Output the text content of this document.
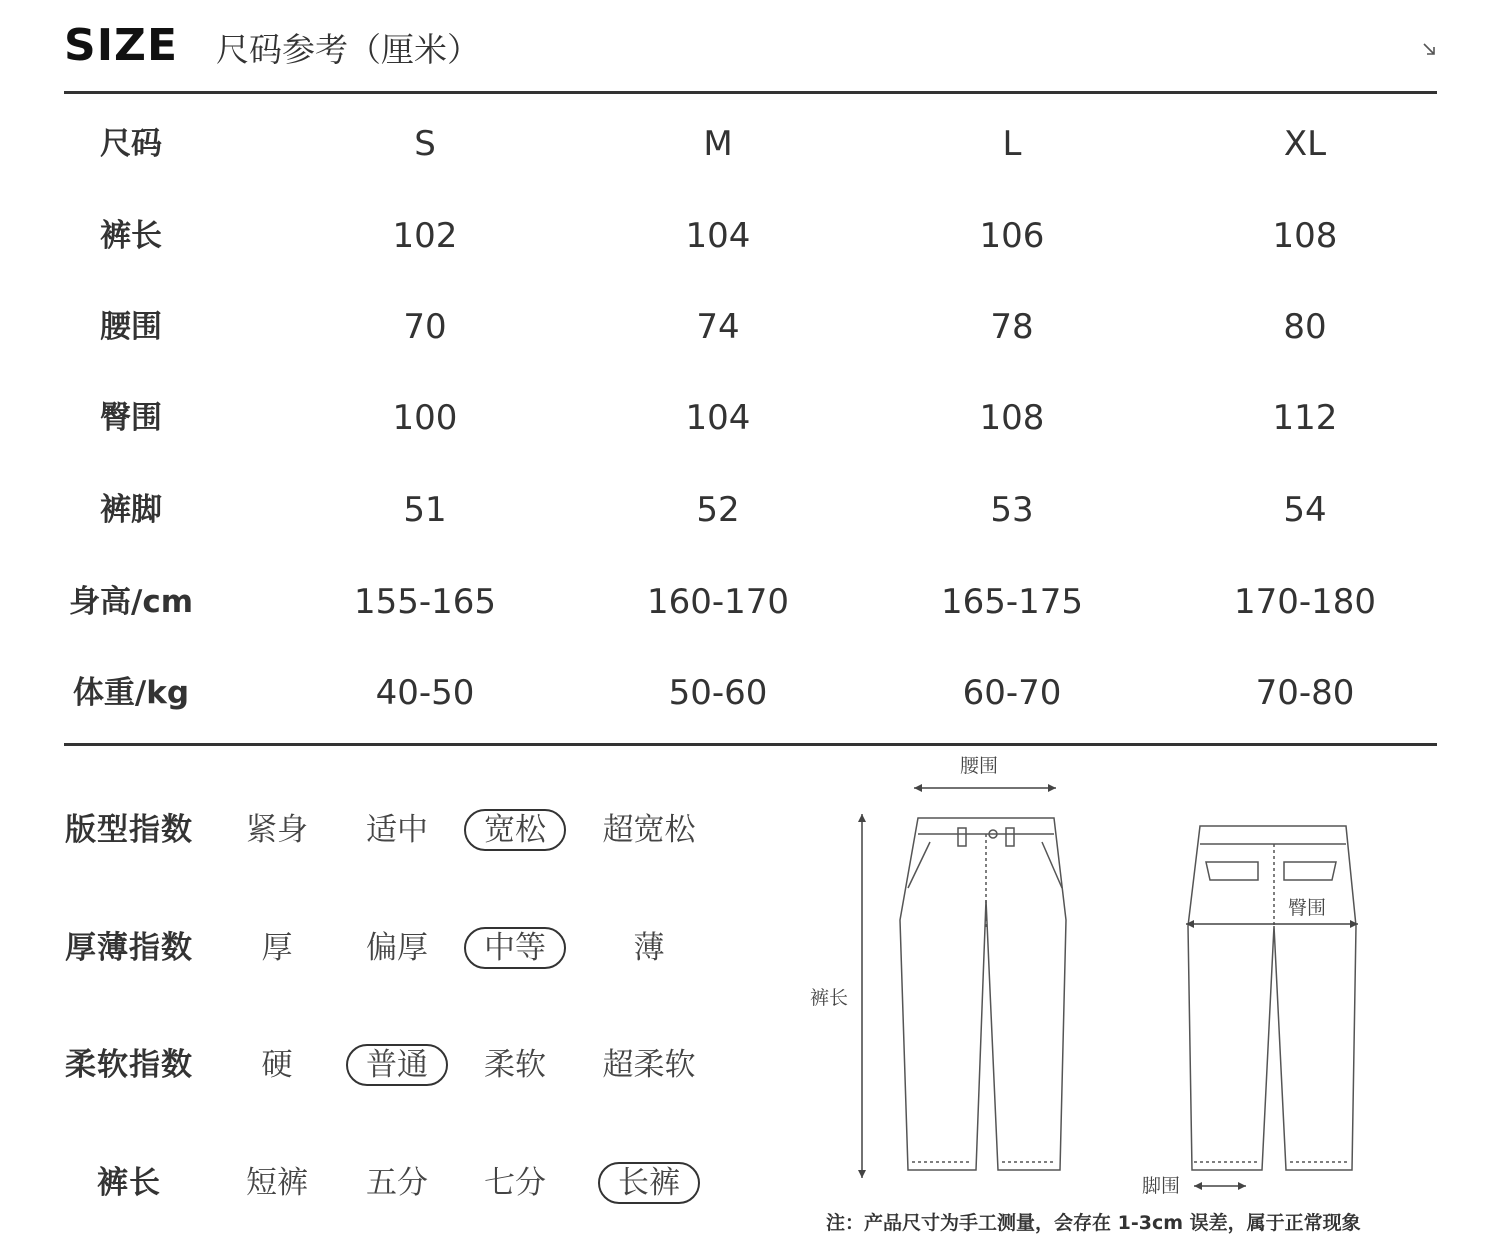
SIZE 尺码参考（厘米）
尺码	S	M	L	XL
裤长	102	104	106	108
腰围	70	74	78	80
臀围	100	104	108	112
裤脚	51	52	53	54
身高/cm	155-165	160-170	165-175	170-180
体重/kg	40-50	50-60	60-70	70-80
版型指数	紧身	适中	宽松	超宽松
厚薄指数	厚	偏厚	中等	薄
柔软指数	硬	普通	柔软	超柔软
裤长	短裤	五分	七分	长裤
腰围
裤长
臀围
脚围
注：产品尺寸为手工测量，会存在 1-3cm 误差，属于正常现象
